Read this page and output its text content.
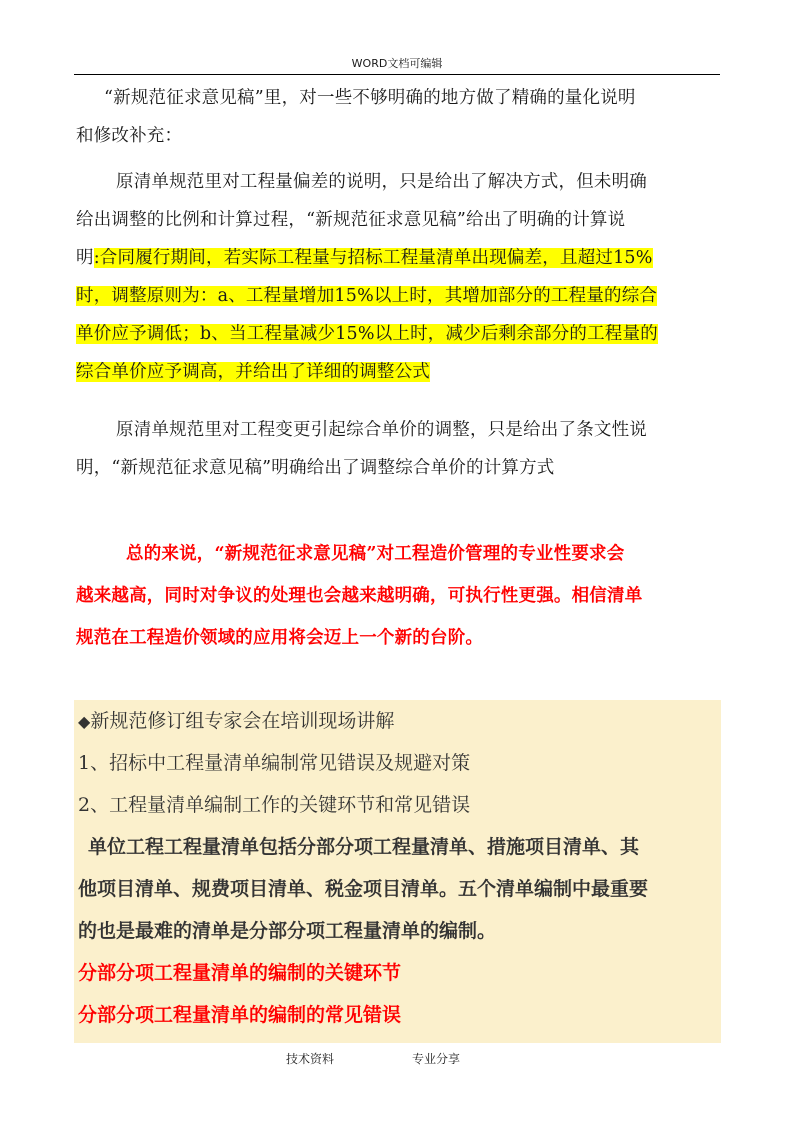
WORD文档可编辑
“新规范征求意见稿”里，对一些不够明确的地方做了精确的量化说明
和修改补充：
原清单规范里对工程量偏差的说明，只是给出了解决方式，但未明确
给出调整的比例和计算过程，“新规范征求意见稿”给出了明确的计算说
明:合同履行期间，若实际工程量与招标工程量清单出现偏差，且超过15%
时，调整原则为：a、工程量增加15%以上时，其增加部分的工程量的综合
单价应予调低；b、当工程量减少15%以上时，减少后剩余部分的工程量的
综合单价应予调高，并给出了详细的调整公式
原清单规范里对工程变更引起综合单价的调整，只是给出了条文性说
明，“新规范征求意见稿”明确给出了调整综合单价的计算方式
总的来说，“新规范征求意见稿”对工程造价管理的专业性要求会
越来越高，同时对争议的处理也会越来越明确，可执行性更强。相信清单
规范在工程造价领域的应用将会迈上一个新的台阶。
◆新规范修订组专家会在培训现场讲解
1、招标中工程量清单编制常见错误及规避对策
2、工程量清单编制工作的关键环节和常见错误
单位工程工程量清单包括分部分项工程量清单、措施项目清单、其
他项目清单、规费项目清单、税金项目清单。五个清单编制中最重要
的也是最难的清单是分部分项工程量清单的编制。
分部分项工程量清单的编制的关键环节
分部分项工程量清单的编制的常见错误
技术资料	专业分享
